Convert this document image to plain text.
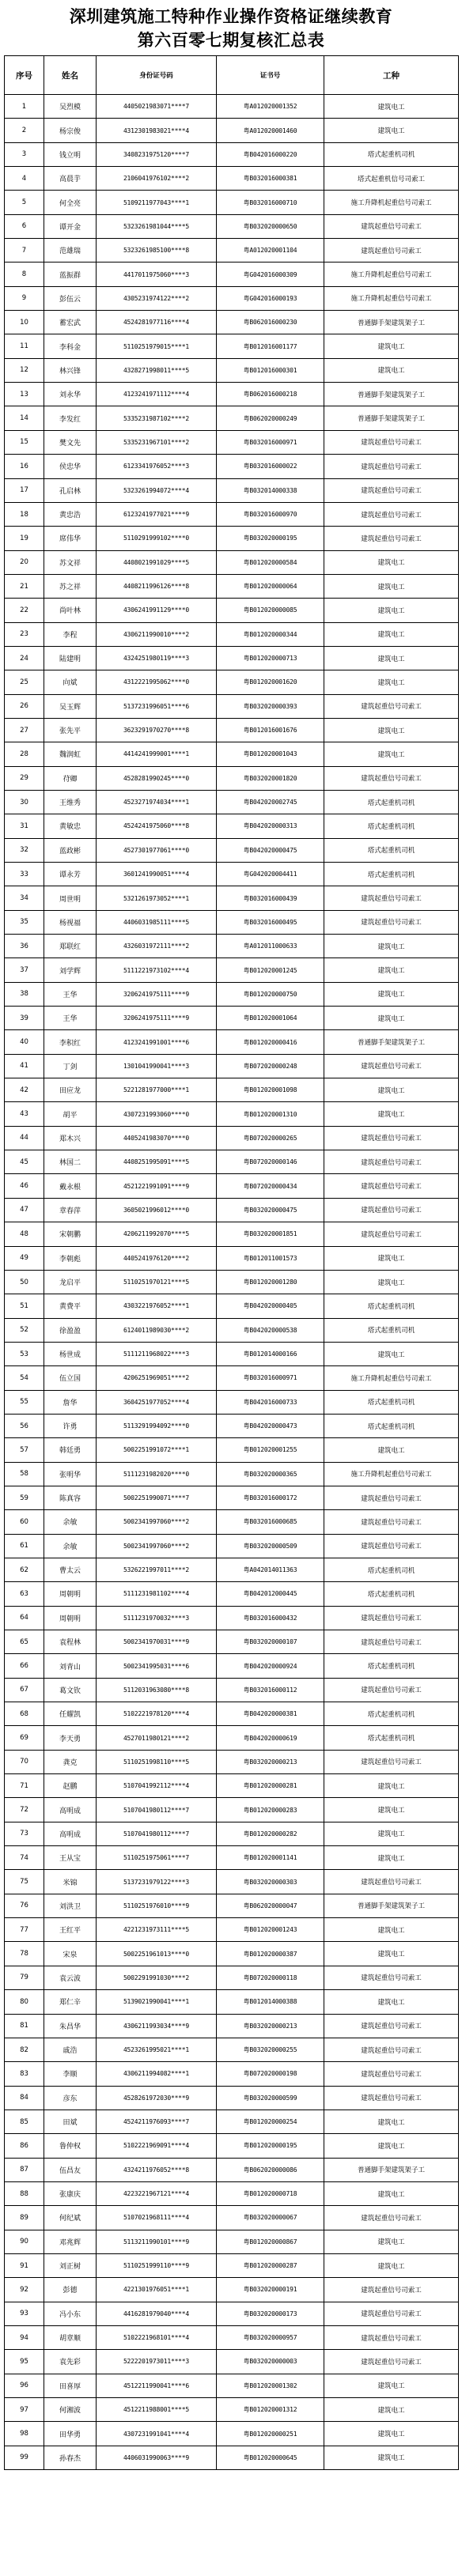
深圳建筑施工特种作业操作资格证继续教育
第六百零七期复核汇总表
序号	姓名	身份证号码	证书号	工种
1	吴烈模	4405021983071****7	粤A012020001352	建筑电工
2	杨宗俊	4312301983021****4	粤A012020001460	建筑电工
3	钱立明	3408231975120****7	粤B042016000220	塔式起重机司机
4	高晨芋	2106041976102****2	粤B032016000381	塔式起重机信号司索工
5	何全亮	5109211977043****1	粤B032016000710	施工升降机起重信号司索工
6	谭开金	5323261981044****5	粤B032020000650	建筑起重信号司索工
7	范雄瑞	5323261985100****8	粤A012020001104	建筑起重信号司索工
8	蓝振群	4417011975060****3	粤G042016000309	施工升降机起重信号司索工
9	彭伍云	4305231974122****2	粤G042016000193	施工升降机起重信号司索工
10	蓄宏武	4524281977116****4	粤B062016000230	普通脚手架建筑架子工
11	李科金	5110251979015****1	粤B012016001177	建筑电工
12	林兴锋	4328271998011****5	粤B012016000301	建筑电工
13	刘永华	4123241971112****4	粤B062016000218	普通脚手架建筑架子工
14	李发红	5335231987102****2	粤B062020000249	普通脚手架建筑架子工
15	樊文先	5335231967101****2	粤B032016000971	建筑起重信号司索工
16	侯忠华	6123341976052****3	粤B032016000022	建筑起重信号司索工
17	孔启林	5323261994072****4	粤B032014000338	建筑起重信号司索工
18	黄忠浩	6123241977021****9	粤B032016000970	建筑起重信号司索工
19	席伟华	5110291999102****0	粤B032020000195	建筑起重信号司索工
20	苏文祥	4408021991029****5	粤B012020000584	建筑电工
21	苏之祥	4408211996126****8	粤B012020000064	建筑电工
22	尚叶林	4306241991129****0	粤B012020000085	建筑电工
23	李程	4306211990010****2	粤B012020000344	建筑电工
24	陆建明	4324251980119****3	粤B012020000713	建筑电工
25	向斌	4312221995062****0	粤B012020001620	建筑电工
26	吴玉辉	5137231996051****6	粤B032020000393	建筑起重信号司索工
27	张先平	3623291970270****8	粤B012016001676	建筑电工
28	魏润虹	4414241999001****1	粤B012020001043	建筑电工
29	苻卿	4528281990245****0	粤B032020001820	建筑起重信号司索工
30	王维秀	4523271974034****1	粤B042020002745	塔式起重机司机
31	黄敏忠	4524241975060****8	粤B042020000313	塔式起重机司机
32	蓝政彬	4527301977061****0	粤B042020000475	塔式起重机司机
33	谭永芳	3601241990051****4	粤G042020004411	塔式起重机司机
34	周世明	5321261973052****1	粤B032016000439	建筑起重信号司索工
35	杨视福	4406031985111****5	粤B032016000495	建筑起重信号司索工
36	郑联红	4326031972111****2	粤A012011000633	建筑电工
37	刘学辉	5111221973102****4	粤B012020001245	建筑电工
38	王华	3206241975111****9	粤B012020000750	建筑电工
39	王华	3206241975111****9	粤B012020001064	建筑电工
40	李积红	4123241991001****6	粤B012020000416	普通脚手架建筑架子工
41	丁剑	1301041990041****3	粤B072020000248	建筑起重信号司索工
42	田应龙	5221281977000****1	粤B012020001098	建筑电工
43	胡平	4307231993060****0	粤B012020001310	建筑电工
44	郑木兴	4405241983070****0	粤B072020000265	建筑起重信号司索工
45	林国二	4408251995091****5	粤B072020000146	建筑起重信号司索工
46	戴永根	4521221991091****9	粤B072020000434	建筑起重信号司索工
47	章春萍	3605021996012****0	粤B032020000475	建筑起重信号司索工
48	宋朝鹏	4206211992070****5	粤B032020001851	建筑起重信号司索工
49	李朝彪	4405241976120****2	粤B012011001573	建筑电工
50	龙启平	5110251970121****5	粤B012020001280	建筑电工
51	黄费平	4303221976052****1	粤B042020000405	塔式起重机司机
52	徐盈盈	6124011989030****2	粤B042020000538	塔式起重机司机
53	杨世成	5111211968022****3	粤B012014000166	建筑电工
54	伍立国	4206251969051****2	粤B032016000971	施工升降机起重信号司索工
55	詹华	3604251977052****4	粤B042016000733	塔式起重机司机
56	许勇	5113291994092****0	粤B042020000473	塔式起重机司机
57	韩廷勇	5002251991072****1	粤B012020001255	建筑电工
58	张明华	5111231982020****0	粤B032020000365	施工升降机起重信号司索工
59	陈真容	5002251990071****7	粤B032016000172	建筑起重信号司索工
60	余敏	5002341997060****2	粤B032016000685	建筑起重信号司索工
61	余敏	5002341997060****2	粤B032020000509	建筑起重信号司索工
62	曹太云	5326221997011****2	粤A042014011363	塔式起重机司机
63	周朝明	5111231981102****4	粤B042012000445	塔式起重机司机
64	周朝明	5111231970032****3	粤B032016000432	建筑起重信号司索工
65	袁程林	5002341970031****9	粤B032020000107	建筑起重信号司索工
66	刘青山	5002341995031****6	粤B042020000924	塔式起重机司机
67	葛文钦	5112031963080****8	粤B032016000112	建筑起重信号司索工
68	任耀凯	5102221978120****4	粤B042020000381	塔式起重机司机
69	李天勇	4527011980121****2	粤B042020000619	塔式起重机司机
70	龚克	5110251998110****5	粤B032020000213	建筑起重信号司索工
71	赵鹏	5107041992112****4	粤B012020000281	建筑电工
72	高明成	5107041980112****7	粤B012020000283	建筑电工
73	高明成	5107041980112****7	粤B012020000282	建筑电工
74	王从宝	5110251975061****7	粤B012020001141	建筑电工
75	米锦	5137231979122****3	粤B032020000303	建筑起重信号司索工
76	刘洪卫	5110251976010****9	粤B062020000047	普通脚手架建筑架子工
77	王红平	4221231973111****5	粤B012020001243	建筑电工
78	宋泉	5002251961013****0	粤B012020000387	建筑电工
79	袁云波	5002291991030****2	粤B072020000118	建筑起重信号司索工
80	郑仁辛	5139021990041****1	粤B012014000388	建筑电工
81	朱昌华	4306211993034****9	粤B032020000213	建筑起重信号司索工
82	戚浩	4523261995021****1	粤B032020000255	建筑起重信号司索工
83	李顺	4306211994082****1	粤B072020000198	建筑起重信号司索工
84	彦东	4528261972030****9	粤B032020000599	建筑起重信号司索工
85	田斌	4524211976093****7	粤B012020000254	建筑电工
86	鲁仲权	5102221969091****4	粤B012020000195	建筑电工
87	伍昌友	4324211976052****8	粤B062020000086	普通脚手架建筑架子工
88	张康庆	4223221967121****4	粤B012020000718	建筑电工
89	何纪斌	5107021968111****4	粤B032020000067	建筑起重信号司索工
90	邓兆辉	5113211990101****9	粤B012020000867	建筑电工
91	刘正树	5110251999110****9	粤B012020000287	建筑电工
92	彭德	4221301976051****1	粤B032020000191	建筑起重信号司索工
93	冯小东	4416281979040****4	粤B032020000173	建筑起重信号司索工
94	胡章顺	5102221968101****4	粤B032020000957	建筑起重信号司索工
95	袁先彩	5222201973011****3	粤B032020000003	建筑起重信号司索工
96	田喜厚	4512211990041****6	粤B012020001302	建筑电工
97	何湘波	4512211988001****5	粤B012020001312	建筑电工
98	田华勇	4307231991041****4	粤B012020000251	建筑电工
99	孙春杰	4406031990063****9	粤B012020000645	建筑电工
